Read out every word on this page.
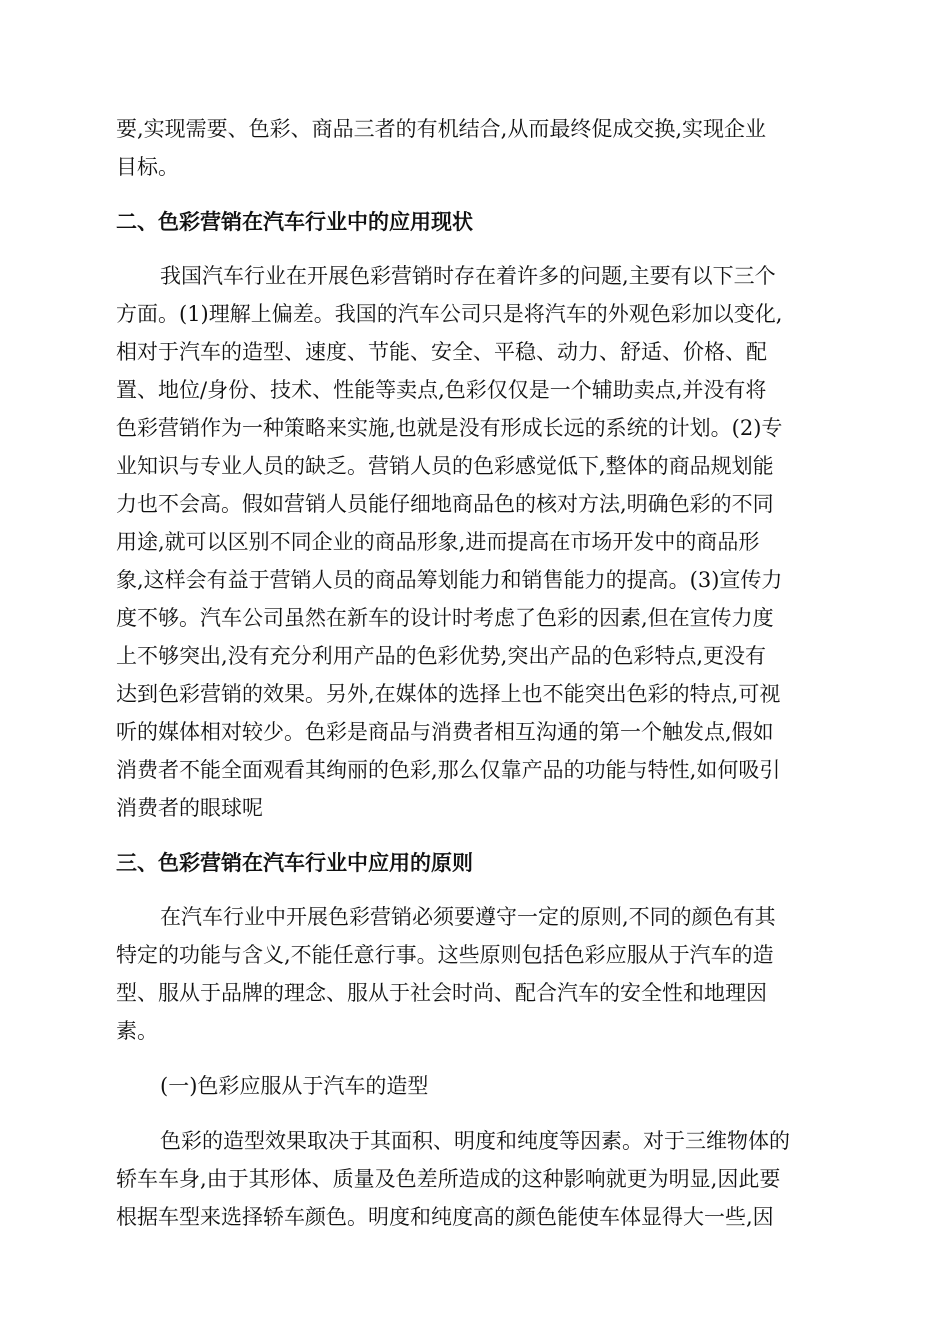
要,实现需要、色彩、商品三者的有机结合,从而最终促成交换,实现企业
目标。
二、色彩营销在汽车行业中的应用现状
我国汽车行业在开展色彩营销时存在着许多的问题,主要有以下三个
方面。(1)理解上偏差。我国的汽车公司只是将汽车的外观色彩加以变化,
相对于汽车的造型、速度、节能、安全、平稳、动力、舒适、价格、配
置、地位/身份、技术、性能等卖点,色彩仅仅是一个辅助卖点,并没有将
色彩营销作为一种策略来实施,也就是没有形成长远的系统的计划。(2)专
业知识与专业人员的缺乏。营销人员的色彩感觉低下,整体的商品规划能
力也不会高。假如营销人员能仔细地商品色的核对方法,明确色彩的不同
用途,就可以区别不同企业的商品形象,进而提高在市场开发中的商品形
象,这样会有益于营销人员的商品筹划能力和销售能力的提高。(3)宣传力
度不够。汽车公司虽然在新车的设计时考虑了色彩的因素,但在宣传力度
上不够突出,没有充分利用产品的色彩优势,突出产品的色彩特点,更没有
达到色彩营销的效果。另外,在媒体的选择上也不能突出色彩的特点,可视
听的媒体相对较少。色彩是商品与消费者相互沟通的第一个触发点,假如
消费者不能全面观看其绚丽的色彩,那么仅靠产品的功能与特性,如何吸引
消费者的眼球呢
三、色彩营销在汽车行业中应用的原则
在汽车行业中开展色彩营销必须要遵守一定的原则,不同的颜色有其
特定的功能与含义,不能任意行事。这些原则包括色彩应服从于汽车的造
型、服从于品牌的理念、服从于社会时尚、配合汽车的安全性和地理因
素。
(一)色彩应服从于汽车的造型
色彩的造型效果取决于其面积、明度和纯度等因素。对于三维物体的
轿车车身,由于其形体、质量及色差所造成的这种影响就更为明显,因此要
根据车型来选择轿车颜色。明度和纯度高的颜色能使车体显得大一些,因
